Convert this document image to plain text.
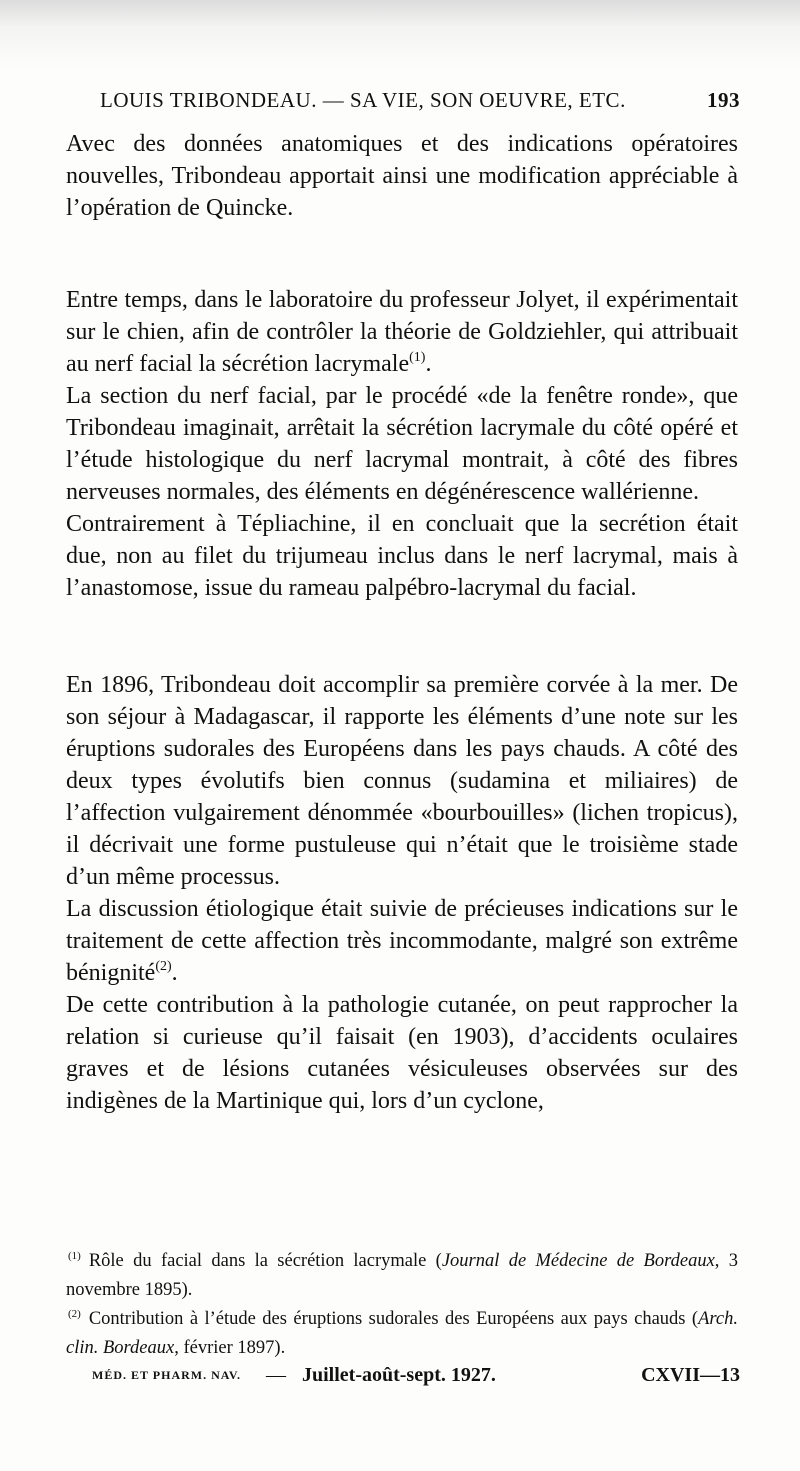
LOUIS TRIBONDEAU. — SA VIE, SON OEUVRE, ETC.	193

Avec des données anatomiques et des indications opératoires nouvelles, Tribondeau apportait ainsi une modification appréciable à l’opération de Quincke.

Entre temps, dans le laboratoire du professeur Jolyet, il expérimentait sur le chien, afin de contrôler la théorie de Goldziehler, qui attribuait au nerf facial la sécrétion lacrymale$^{(1)}$.

La section du nerf facial, par le procédé «de la fenêtre ronde», que Tribondeau imaginait, arrêtait la sécrétion lacrymale du côté opéré et l’étude histologique du nerf lacrymal montrait, à côté des fibres nerveuses normales, des éléments en dégénérescence wallérienne.

Contrairement à Tépliachine, il en concluait que la secrétion était due, non au filet du trijumeau inclus dans le nerf lacrymal, mais à l’anastomose, issue du rameau palpébro-lacrymal du facial.

En 1896, Tribondeau doit accomplir sa première corvée à la mer. De son séjour à Madagascar, il rapporte les éléments d’une note sur les éruptions sudorales des Européens dans les pays chauds. A côté des deux types évolutifs bien connus (sudamina et miliaires) de l’affection vulgairement dénommée «bourbouilles» (lichen tropicus), il décrivait une forme pustuleuse qui n’était que le troisième stade d’un même processus.

La discussion étiologique était suivie de précieuses indications sur le traitement de cette affection très incommodante, malgré son extrême bénignité$^{(2)}$.

De cette contribution à la pathologie cutanée, on peut rapprocher la relation si curieuse qu’il faisait (en 1903), d’accidents oculaires graves et de lésions cutanées vésiculeuses observées sur des indigènes de la Martinique qui, lors d’un cyclone,

$^{(1)}$ Rôle du facial dans la sécrétion lacrymale (Journal de Médecine de Bordeaux, 3 novembre 1895).

$^{(2)}$ Contribution à l’étude des éruptions sudorales des Européens aux pays chauds (Arch. clin. Bordeaux, février 1897).

MÉD. ET PHARM. NAV. — Juillet-août-sept. 1927.	CXVII—13
